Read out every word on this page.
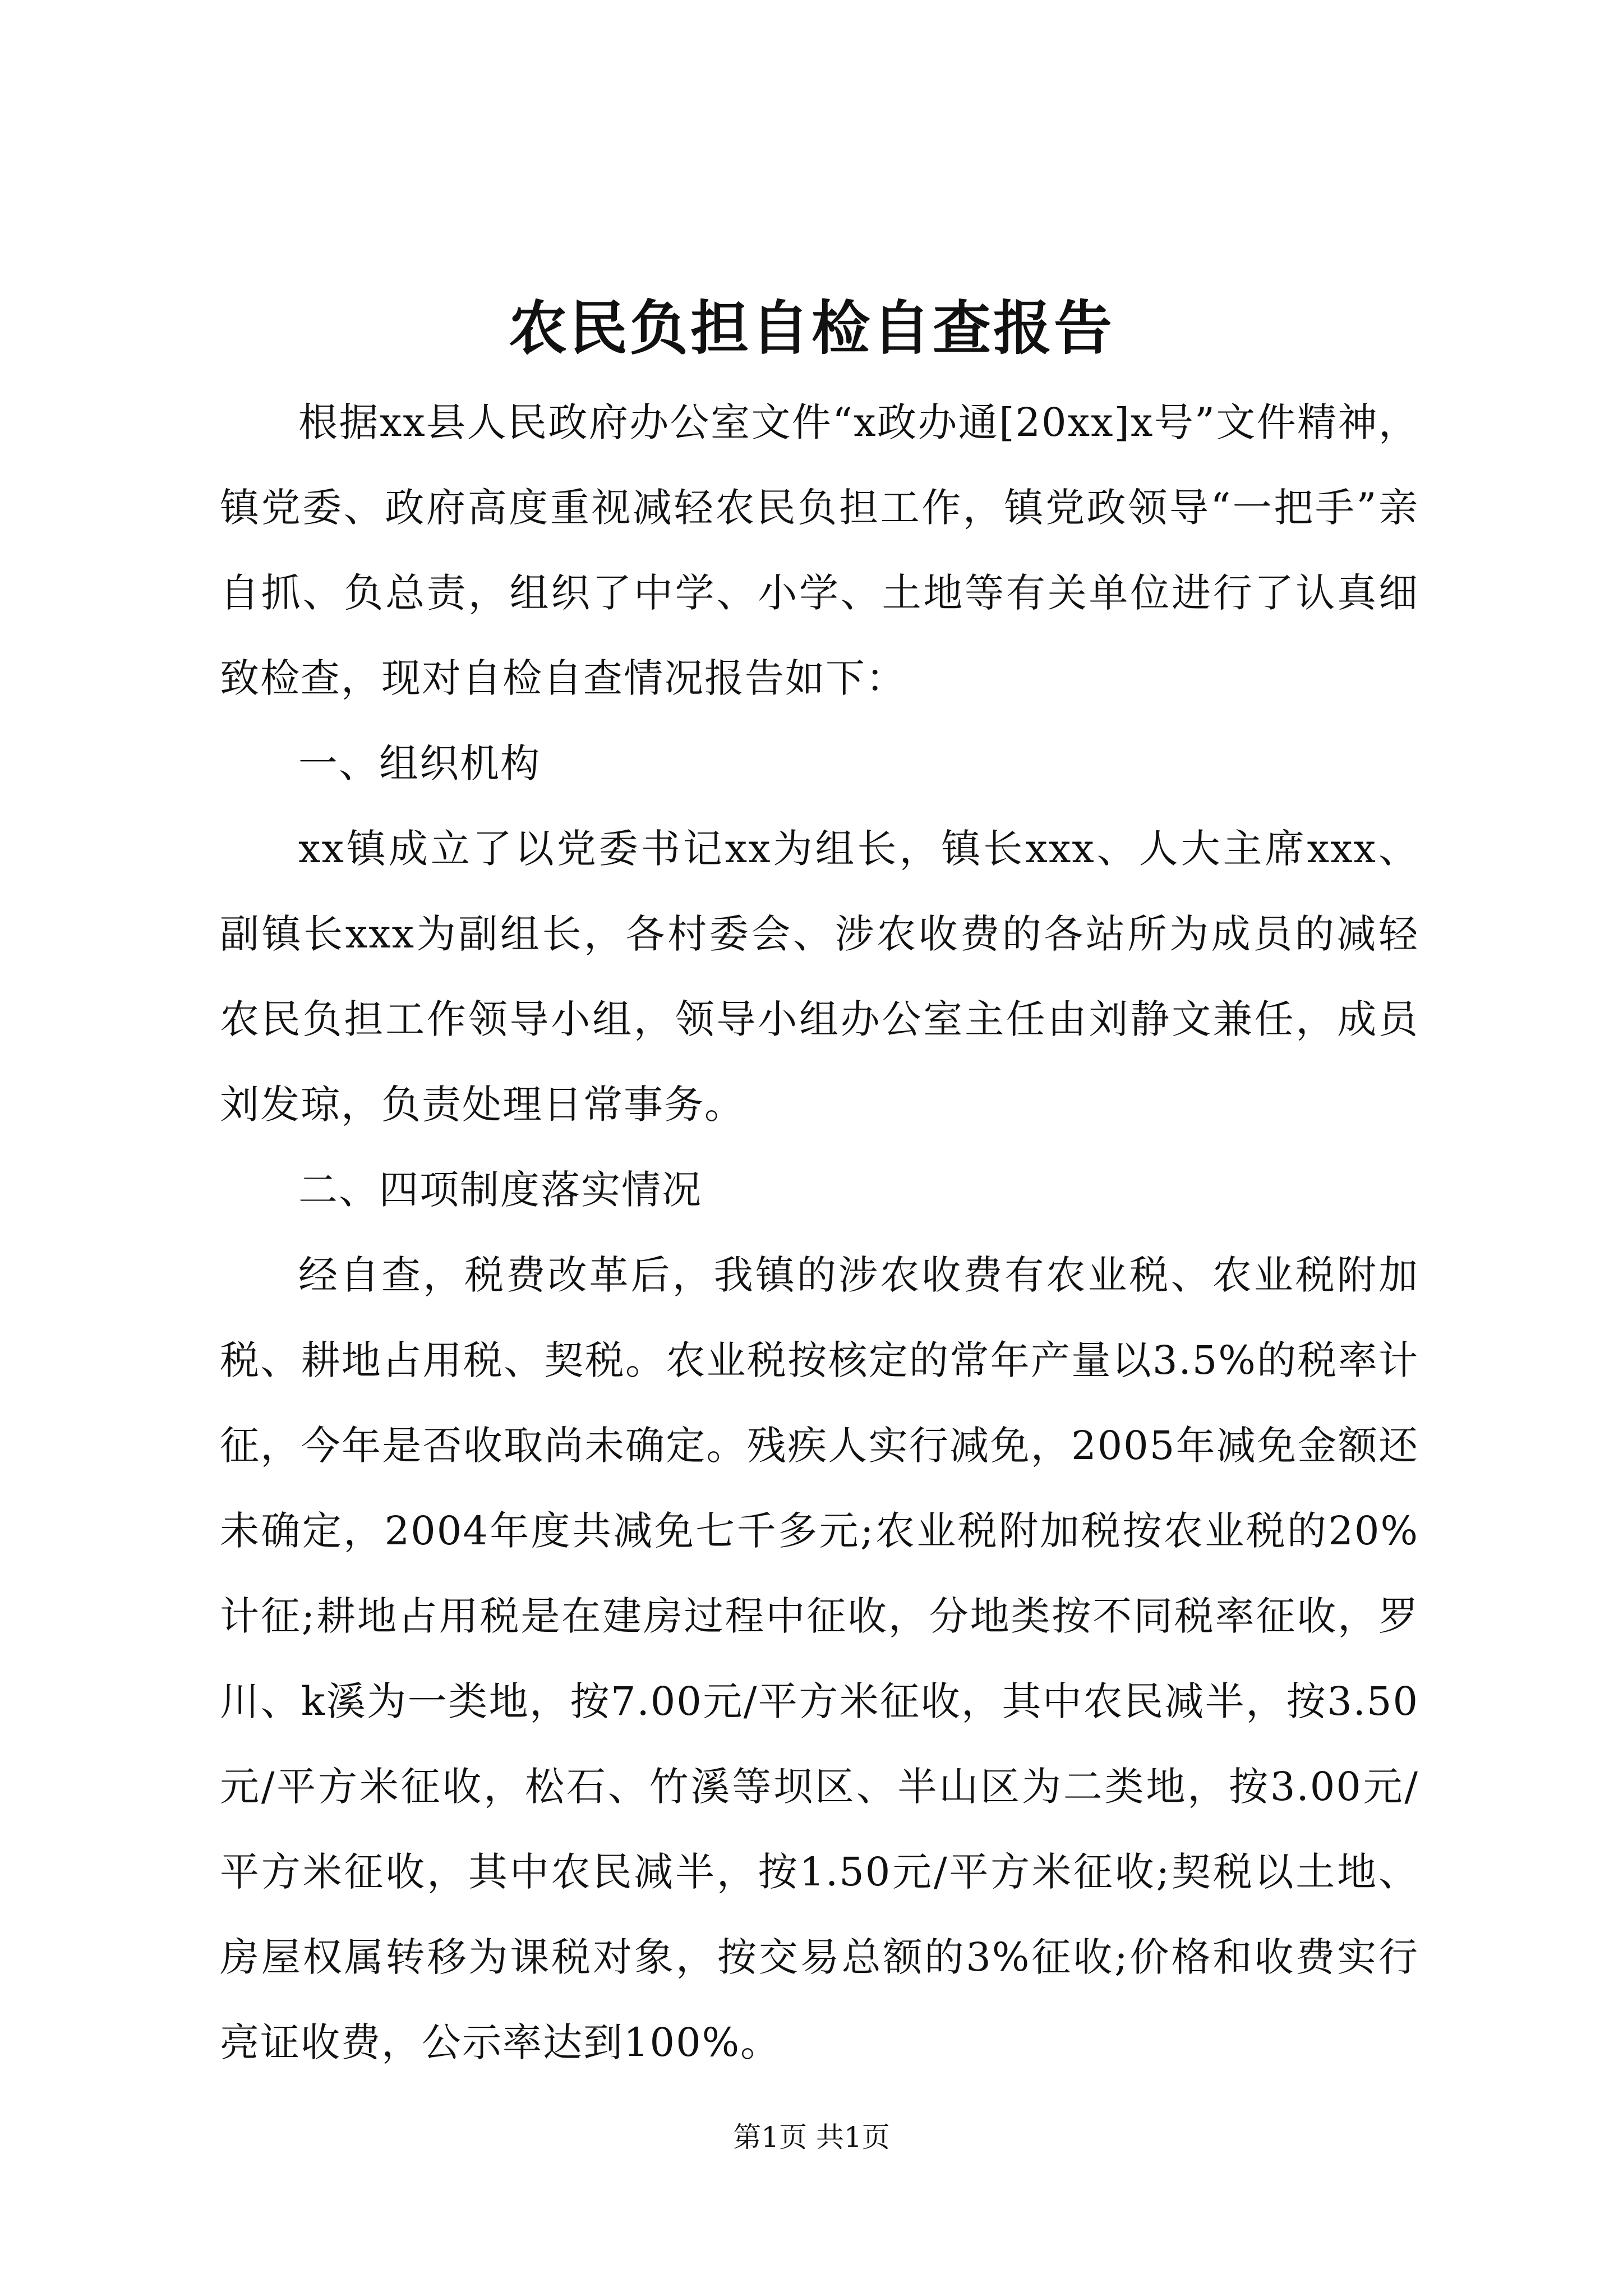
农民负担自检自查报告

根据xx县人民政府办公室文件“x政办通[20xx]x号”文件精神，镇党委、政府高度重视减轻农民负担工作，镇党政领导“一把手”亲自抓、负总责，组织了中学、小学、土地等有关单位进行了认真细致检查，现对自检自查情况报告如下：

一、组织机构

xx镇成立了以党委书记xx为组长，镇长xxx、人大主席xxx、副镇长xxx为副组长，各村委会、涉农收费的各站所为成员的减轻农民负担工作领导小组，领导小组办公室主任由刘静文兼任，成员刘发琼，负责处理日常事务。

二、四项制度落实情况

经自查，税费改革后，我镇的涉农收费有农业税、农业税附加税、耕地占用税、契税。农业税按核定的常年产量以3.5%的税率计征，今年是否收取尚未确定。残疾人实行减免，2005年减免金额还未确定，2004年度共减免七千多元;农业税附加税按农业税的20%计征;耕地占用税是在建房过程中征收，分地类按不同税率征收，罗川、k溪为一类地，按7.00元/平方米征收，其中农民减半，按3.50元/平方米征收，松石、竹溪等坝区、半山区为二类地，按3.00元/平方米征收，其中农民减半，按1.50元/平方米征收;契税以土地、房屋权属转移为课税对象，按交易总额的3%征收;价格和收费实行亮证收费，公示率达到100%。

第1页 共1页
